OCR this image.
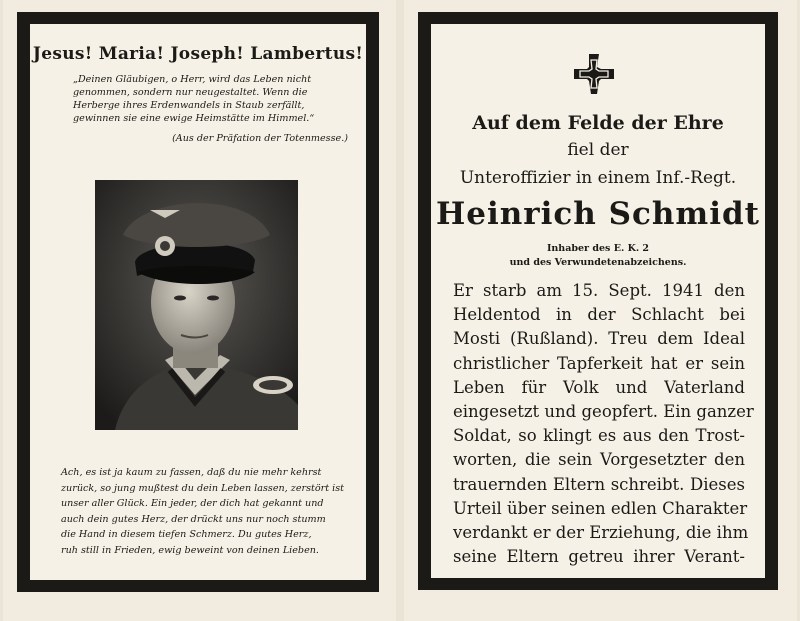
Jesus! Maria! Joseph! Lambertus!
„Deinen Gläubigen, o Herr, wird das Leben nicht
genommen, sondern nur neugestaltet. Wenn die
Herberge ihres Erdenwandels in Staub zerfällt,
gewinnen sie eine ewige Heimstätte im Himmel.“
(Aus der Präfation der Totenmesse.)
Ach, es ist ja kaum zu fassen, daß du nie mehr kehrst
zurück, so jung mußtest du dein Leben lassen, zerstört ist
unser aller Glück. Ein jeder, der dich hat gekannt und
auch dein gutes Herz, der drückt uns nur noch stumm
die Hand in diesem tiefen Schmerz. Du gutes Herz,
ruh still in Frieden, ewig beweint von deinen Lieben.
Auf dem Felde der Ehre
fiel der
Unteroffizier in einem Inf.-Regt.
Heinrich Schmidt
Inhaber des E. K. 2
und des Verwundetenabzeichens.
Er starb am 15. Sept. 1941 den
Heldentod in der Schlacht bei
Mosti (Rußland). Treu dem Ideal
christlicher Tapferkeit hat er sein
Leben für Volk und Vaterland
eingesetzt und geopfert. Ein ganzer
Soldat, so klingt es aus den Trost-
worten, die sein Vorgesetzter den
trauernden Eltern schreibt. Dieses
Urteil über seinen edlen Charakter
verdankt er der Erziehung, die ihm
seine Eltern getreu ihrer Verant-
